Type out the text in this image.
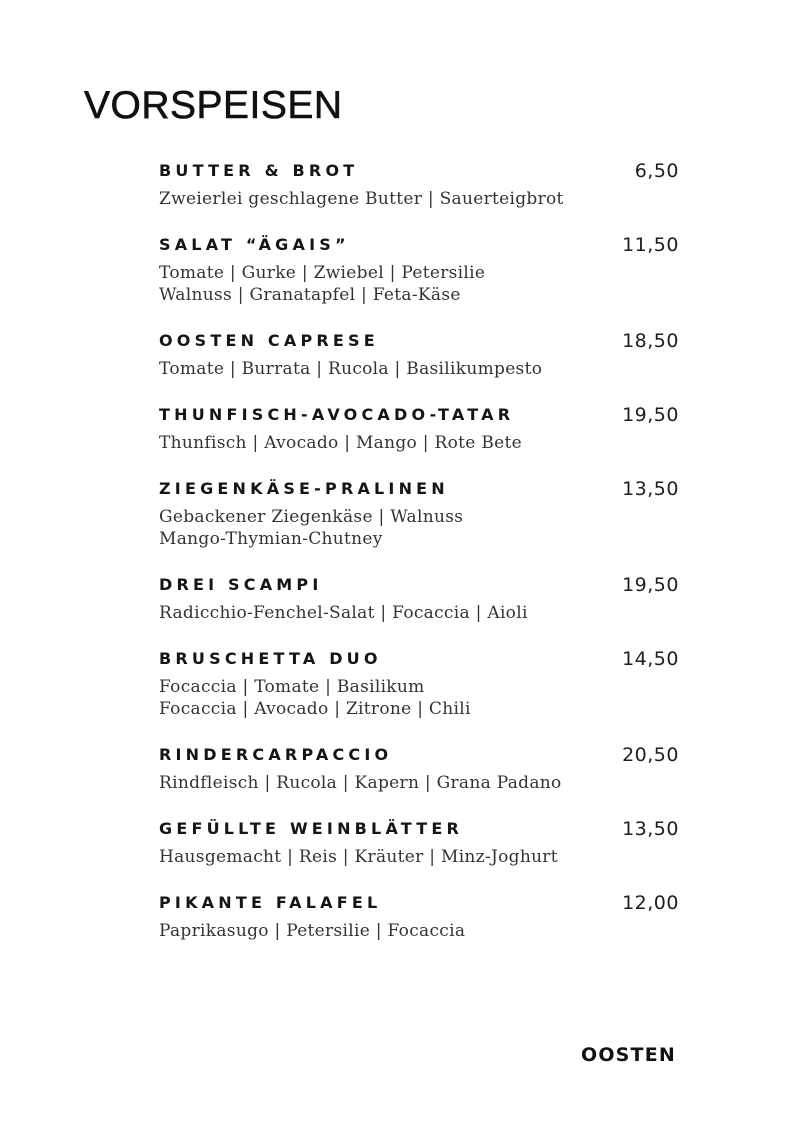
VORSPEISEN
BUTTER & BROT	6,50
Zweierlei geschlagene Butter | Sauerteigbrot
SALAT “ÄGAIS”	11,50
Tomate | Gurke | Zwiebel | Petersilie
Walnuss | Granatapfel | Feta-Käse
OOSTEN CAPRESE	18,50
Tomate | Burrata | Rucola | Basilikumpesto
THUNFISCH-AVOCADO-TATAR	19,50
Thunfisch | Avocado | Mango | Rote Bete
ZIEGENKÄSE-PRALINEN	13,50
Gebackener Ziegenkäse | Walnuss
Mango-Thymian-Chutney
DREI SCAMPI	19,50
Radicchio-Fenchel-Salat | Focaccia | Aioli
BRUSCHETTA DUO	14,50
Focaccia | Tomate | Basilikum
Focaccia | Avocado | Zitrone | Chili
RINDERCARPACCIO	20,50
Rindfleisch | Rucola | Kapern | Grana Padano
GEFÜLLTE WEINBLÄTTER	13,50
Hausgemacht | Reis | Kräuter | Minz-Joghurt
PIKANTE FALAFEL	12,00
Paprikasugo | Petersilie | Focaccia
OOSTEN
